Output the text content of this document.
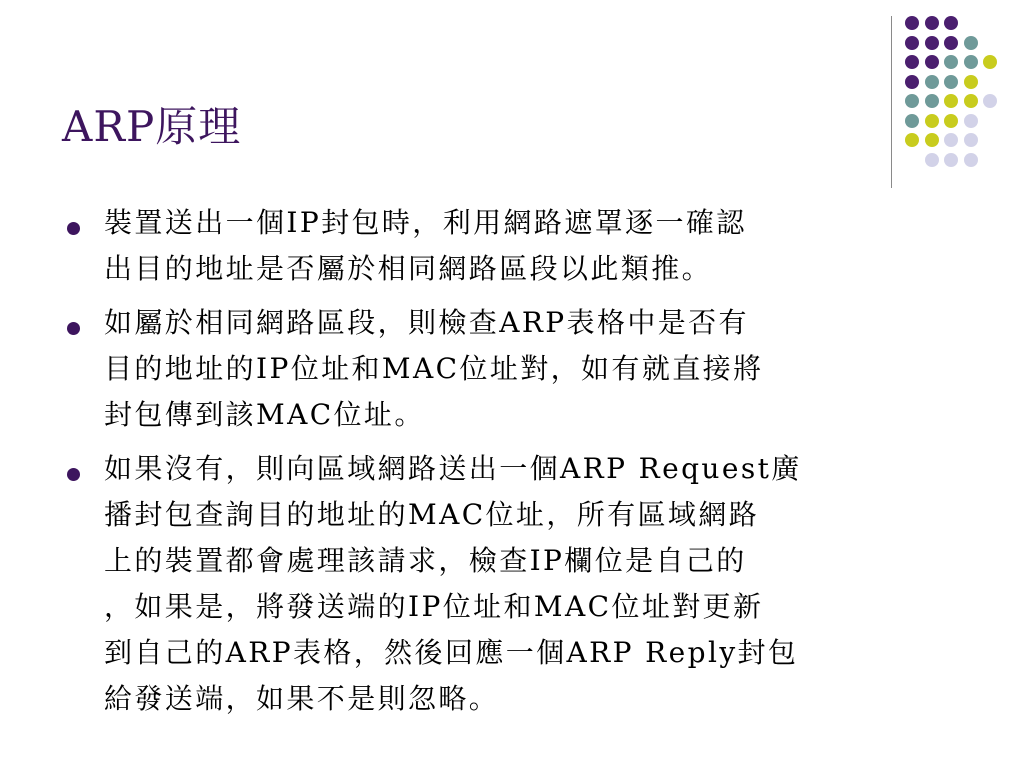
ARP原理
裝置送出一個IP封包時，利用網路遮罩逐一確認
出目的地址是否屬於相同網路區段以此類推。
如屬於相同網路區段，則檢查ARP表格中是否有
目的地址的IP位址和MAC位址對，如有就直接將
封包傳到該MAC位址。
如果沒有，則向區域網路送出一個ARP Request廣
播封包查詢目的地址的MAC位址，所有區域網路
上的裝置都會處理該請求，檢查IP欄位是自己的
，如果是，將發送端的IP位址和MAC位址對更新
到自己的ARP表格，然後回應一個ARP Reply封包
給發送端，如果不是則忽略。
